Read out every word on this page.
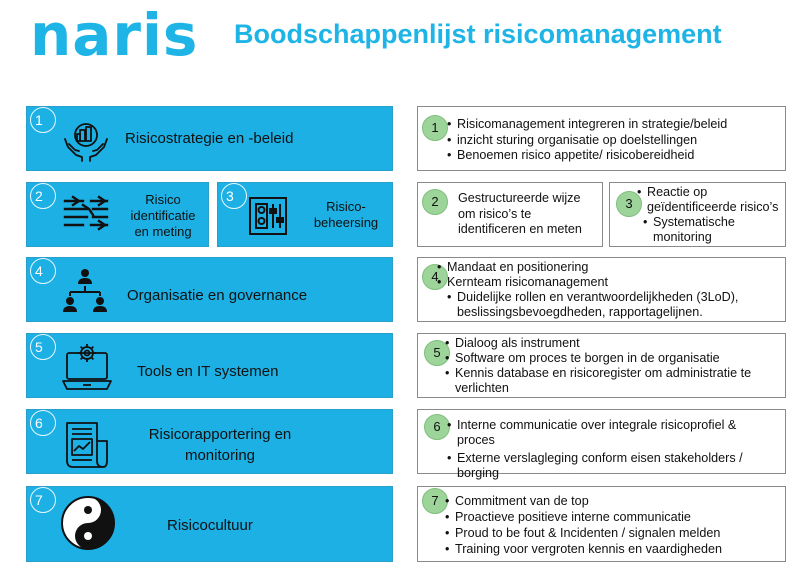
naris Boodschappenlijst risicomanagement
1
Risicostrategie en -beleid
1	• Risicomanagement integreren in strategie/beleid
• inzicht sturing organisatie op doelstellingen
• Benoemen risico appetite/ risicobereidheid
2	Risico
identificatie
en meting
3
Risico-
beheersing
2	Gestructureerde wijze
om risico’s te
identificeren en meten
3
• Reactie op
geïdentificeerde risico’s
• Systematische
monitoring
4
Organisatie en governance
4
• Mandaat en positionering
• Kernteam risicomanagement
• Duidelijke rollen en verantwoordelijkheden (3LoD),
beslissingsbevoegdheden, rapportagelijnen.
5
Tools en IT systemen
5
• Dialoog als instrument
• Software om proces te borgen in de organisatie
• Kennis database en risicoregister om administratie te
verlichten
6
Risicorapportering en
monitoring
6	• Interne communicatie over integrale risicoprofiel &
proces
• Externe verslagleging conform eisen stakeholders /
borging
7
Risicocultuur
7	• Commitment van de top
• Proactieve positieve interne communicatie
• Proud to be fout & Incidenten / signalen melden
• Training voor vergroten kennis en vaardigheden
